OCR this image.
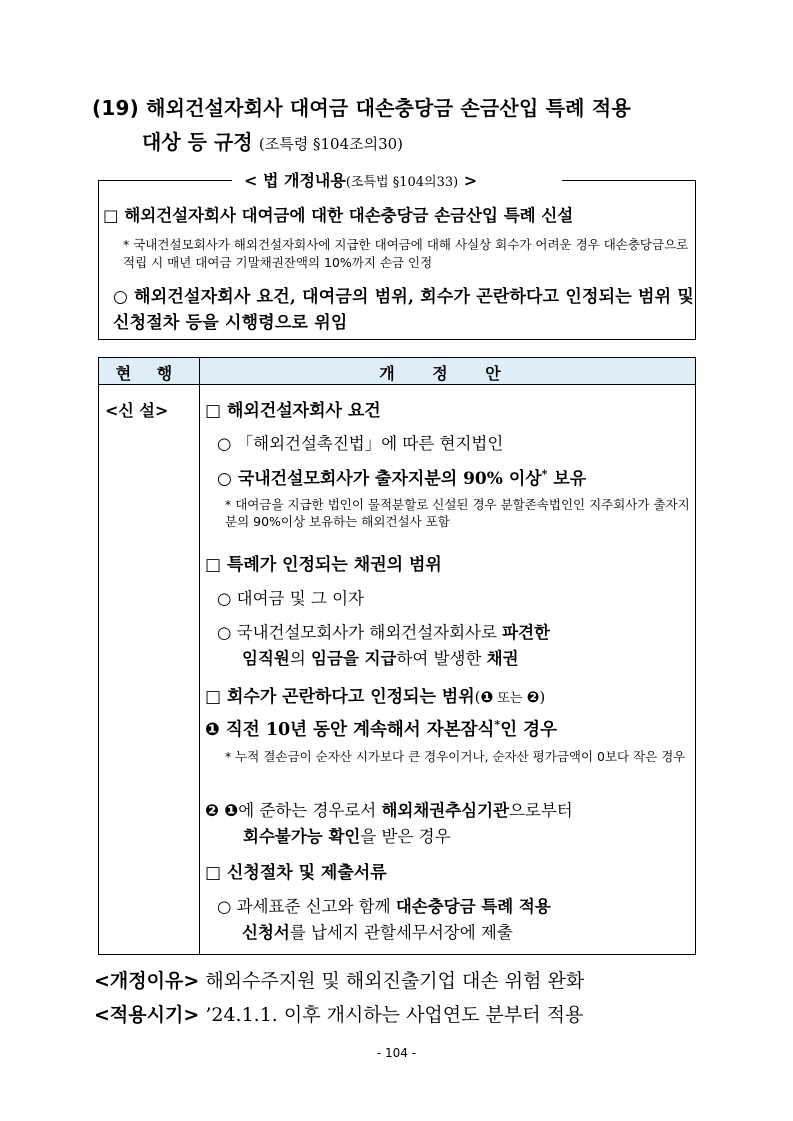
(19) 해외건설자회사 대여금 대손충당금 손금산입 특례 적용
대상 등 규정 (조특령 §104조의30)
< 법 개정내용(조특법 §104의33) >
□ 해외건설자회사 대여금에 대한 대손충당금 손금산입 특례 신설
* 국내건설모회사가 해외건설자회사에 지급한 대여금에 대해 사실상 회수가 어려운 경우 대손충당금으로 적립 시 매년 대여금 기말채권잔액의 10%까지 손금 인정
○ 해외건설자회사 요건, 대여금의 범위, 회수가 곤란하다고 인정되는 범위 및 신청절차 등을 시행령으로 위임
현 행	개 정 안
<신 설> □ 해외건설자회사 요건
○ 「해외건설촉진법」에 따른 현지법인
○ 국내건설모회사가 출자지분의 90% 이상* 보유
* 대여금을 지급한 법인이 물적분할로 신설된 경우 분할존속법인인 지주회사가 출자지분의 90%이상 보유하는 해외건설사 포함
□ 특례가 인정되는 채권의 범위
○ 대여금 및 그 이자
○ 국내건설모회사가 해외건설자회사로 파견한
임직원의 임금을 지급하여 발생한 채권
□ 회수가 곤란하다고 인정되는 범위(❶ 또는 ❷)
❶ 직전 10년 동안 계속해서 자본잠식*인 경우
* 누적 결손금이 순자산 시가보다 큰 경우이거나, 순자산 평가금액이 0보다 작은 경우
❷ ❶에 준하는 경우로서 해외채권추심기관으로부터
회수불가능 확인을 받은 경우
□ 신청절차 및 제출서류
○ 과세표준 신고와 함께 대손충당금 특례 적용
신청서를 납세지 관할세무서장에 제출
<개정이유> 해외수주지원 및 해외진출기업 대손 위험 완화
<적용시기> ’24.1.1. 이후 개시하는 사업연도 분부터 적용
- 104 -
